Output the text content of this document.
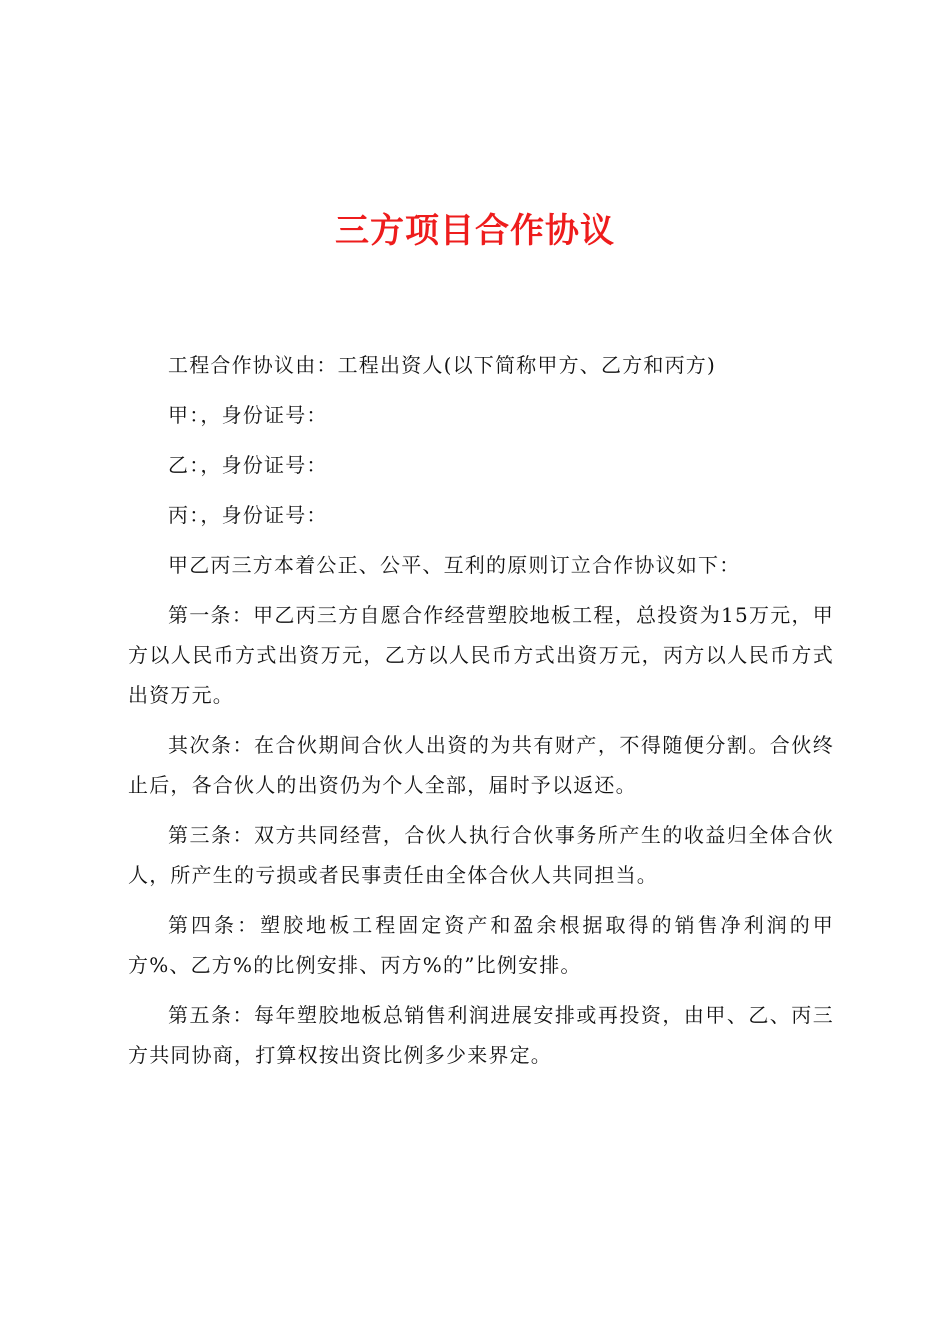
三方项目合作协议

工程合作协议由：工程出资人(以下简称甲方、乙方和丙方)

甲：，身份证号：

乙：，身份证号：

丙：，身份证号：

甲乙丙三方本着公正、公平、互利的原则订立合作协议如下：

第一条：甲乙丙三方自愿合作经营塑胶地板工程，总投资为15万元，甲方以人民币方式出资万元，乙方以人民币方式出资万元，丙方以人民币方式出资万元。

其次条：在合伙期间合伙人出资的为共有财产，不得随便分割。合伙终止后，各合伙人的出资仍为个人全部，届时予以返还。

第三条：双方共同经营，合伙人执行合伙事务所产生的收益归全体合伙人，所产生的亏损或者民事责任由全体合伙人共同担当。

第四条：塑胶地板工程固定资产和盈余根据取得的销售净利润的甲方%、乙方%的比例安排、丙方%的”比例安排。

第五条：每年塑胶地板总销售利润进展安排或再投资，由甲、乙、丙三方共同协商，打算权按出资比例多少来界定。
